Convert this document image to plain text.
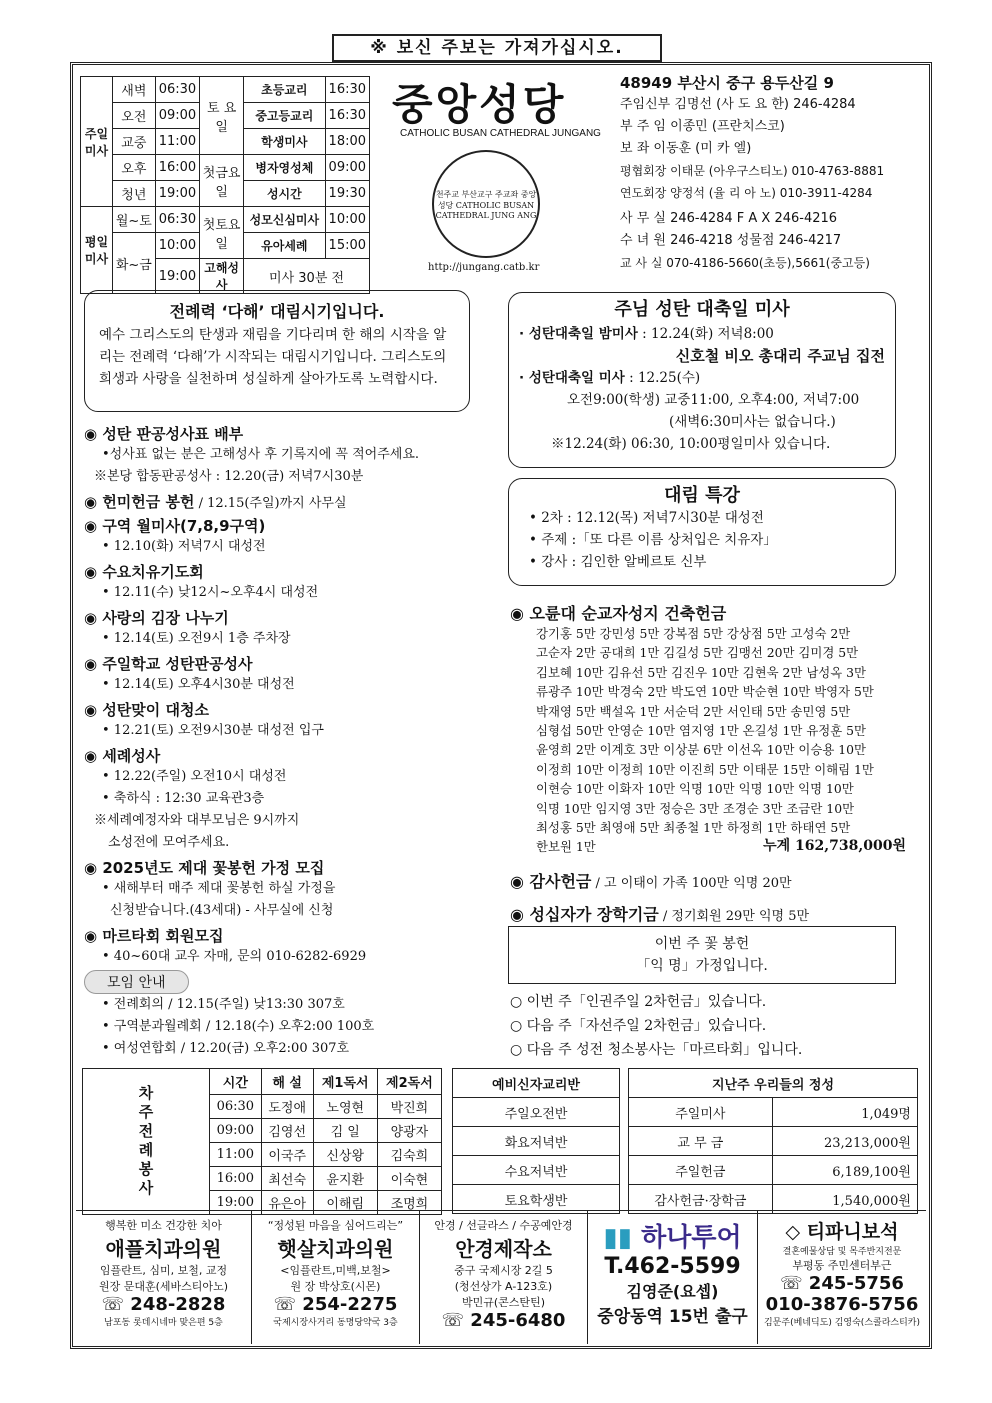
※ 보신 주보는 가져가십시오.
주일 미사	새벽	06:30	토 요 일	초등교리	16:30
	오전	09:00		중고등교리	16:30
	교중	11:00		학생미사	18:00
	오후	16:00	첫금요일	병자영성체	09:00
	청년	19:00		성시간	19:30
평일 미사	월~토	06:30	첫토요일	성모신심미사	10:00
	화~금	10:00		유아세례	15:00
		19:00	고해성사	미사 30분 전	
중앙성당
CATHOLIC BUSAN CATHEDRAL JUNGANG
천주교 부산교구 주교좌 중앙성당 CATHOLIC BUSAN CATHEDRAL JUNG ANG
http://jungang.catb.kr
48949 부산시 중구 용두산길 9
주임신부 김명선 (사 도 요 한) 246-4284
부 주 임 이종민 (프란치스코)
보 좌 이동훈 (미 카 엘)
평협회장 이태문 (아우구스티노) 010-4763-8881
연도회장 양정석 (율 리 아 노) 010-3911-4284
사 무 실 246-4284 F A X 246-4216
수 녀 원 246-4218 성물점 246-4217
교 사 실 070-4186-5660(초등),5661(중고등)
전례력 ‘다해’ 대림시기입니다.

예수 그리스도의 탄생과 재림을 기다리며 한 해의 시작을 알리는 전례력 ‘다해’가 시작되는 대림시기입니다. 그리스도의 희생과 사랑을 실천하며 성실하게 살아가도록 노력합시다.

◉ 성탄 판공성사표 배부
•성사표 없는 분은 고해성사 후 기록지에 꼭 적어주세요.
※본당 합동판공성사 : 12.20(금) 저녁7시30분
◉ 헌미헌금 봉헌 / 12.15(주일)까지 사무실
◉ 구역 월미사(7,8,9구역)
• 12.10(화) 저녁7시 대성전
◉ 수요치유기도회
• 12.11(수) 낮12시~오후4시 대성전
◉ 사랑의 김장 나누기
• 12.14(토) 오전9시 1층 주차장
◉ 주일학교 성탄판공성사
• 12.14(토) 오후4시30분 대성전
◉ 성탄맞이 대청소
• 12.21(토) 오전9시30분 대성전 입구
◉ 세례성사
• 12.22(주일) 오전10시 대성전
• 축하식 : 12:30 교육관3층
※세례예정자와 대부모님은 9시까지
소성전에 모여주세요.
◉ 2025년도 제대 꽃봉헌 가정 모집
• 새해부터 매주 제대 꽃봉헌 하실 가정을
신청받습니다.(43세대) - 사무실에 신청
◉ 마르타회 회원모집
• 40~60대 교우 자매, 문의 010-6282-6929
모임 안내
• 전례회의 / 12.15(주일) 낮13:30 307호
• 구역분과월례회 / 12.18(수) 오후2:00 100호
• 여성연합회 / 12.20(금) 오후2:00 307호
주님 성탄 대축일 미사
· 성탄대축일 밤미사 : 12.24(화) 저녁8:00
신호철 비오 총대리 주교님 집전
· 성탄대축일 미사 : 12.25(수)
오전9:00(학생) 교중11:00, 오후4:00, 저녁7:00
(새벽6:30미사는 없습니다.)
※12.24(화) 06:30, 10:00평일미사 있습니다.
대림 특강
• 2차 : 12.12(목) 저녁7시30분 대성전
• 주제 :「또 다른 이름 상처입은 치유자」
• 강사 : 김인한 알베르토 신부
◉ 오륜대 순교자성지 건축헌금
강기홍 5만 강민성 5만 강복점 5만 강상점 5만 고성숙 2만
고순자 2만 공대희 1만 김길성 5만 김맹선 20만 김미경 5만
김보혜 10만 김유선 5만 김진우 10만 김현욱 2만 남성옥 3만
류광주 10만 박경숙 2만 박도연 10만 박순현 10만 박영자 5만
박재영 5만 백설옥 1만 서순덕 2만 서인태 5만 송민영 5만
심형섭 50만 안영순 10만 염지영 1만 온길성 1만 유정훈 5만
윤영희 2만 이계호 3만 이상분 6만 이선옥 10만 이승용 10만
이정희 10만 이정희 10만 이진희 5만 이태문 15만 이해림 1만
이현승 10만 이화자 10만 익명 10만 익명 10만 익명 10만
익명 10만 임지영 3만 정승은 3만 조경순 3만 조금란 10만
최성홍 5만 최영애 5만 최종철 1만 하정희 1만 하태연 5만
한보원 1만	누계 162,738,000원
◉ 감사헌금 / 고 이태이 가족 100만 익명 20만
◉ 성십자가 장학기금 / 정기회원 29만 익명 5만
이번 주 꽃 봉헌
「익 명」가정입니다.
○ 이번 주「인권주일 2차헌금」있습니다.
○ 다음 주「자선주일 2차헌금」있습니다.
○ 다음 주 성전 청소봉사는「마르타회」입니다.
차주전례봉사	시간	해 설	제1독서	제2독서
	06:30	도정애	노영현	박진희
	09:00	김영선	김 일	양광자
	11:00	이국주	신상왕	김숙희
	16:00	최선숙	윤지환	이숙현
	19:00	유은아	이해림	조명희
예비신자교리반
주일오전반
화요저녁반
수요저녁반
토요학생반
지난주 우리들의 정성	
주일미사	1,049명
교 무 금	23,213,000원
주일헌금	6,189,100원
감사헌금·장학금	1,540,000원
행복한 미소 건강한 치아
애플치과의원
임플란트, 심미, 보철, 교정
원장 문대훈(세바스티아노)
☏ 248-2828
남포동 롯데시네마 맞은편 5층
“정성된 마음을 심어드리는”
햇살치과의원
<임플란트,미백,보철>
원 장 박상호(시몬)
☏ 254-2275
국제시장사거리 동명당약국 3층
안경 / 선글라스 / 수공예안경
안경제작소
중구 국제시장 2길 5
(청선상가 A-123호)
박민규(콘스탄틴)
☏ 245-6480
▮▮ 하나투어
T.462-5599
김영준(요셉)
중앙동역 15번 출구
◇ 티파니보석
결혼예물상담 및 목주반지전문
부평동 주민센터부근
☏ 245-5756
010-3876-5756
김문주(베네딕도) 김영숙(스콜라스티카)
